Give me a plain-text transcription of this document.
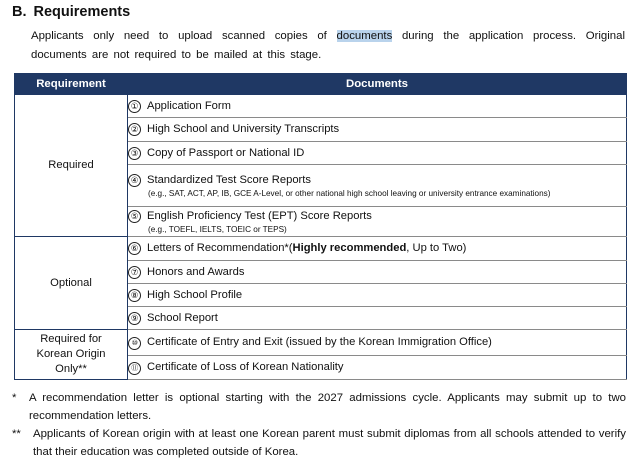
B. Requirements
Applicants only need to upload scanned copies of documents during the application process. Original documents are not required to be mailed at this stage.
Requirement	Documents
Required	① Application Form
	② High School and University Transcripts
	③ Copy of Passport or National ID

	④ Standardized Test Score Reports
(e.g., SAT, ACT, AP, IB, GCE A-Level, or other national high school leaving or university entrance examinations)

	⑤ English Proficiency Test (EPT) Score Reports
(e.g., TOEFL, IELTS, TOEIC or TEPS)

Optional	⑥ Letters of Recommendation*(Highly recommended, Up to Two)
	⑦ Honors and Awards
	⑧ High School Profile
	⑨ School Report
Required for Korean Origin Only**	⑩ Certificate of Entry and Exit (issued by the Korean Immigration Office)
	⑪ Certificate of Loss of Korean Nationality
*	A recommendation letter is optional starting with the 2027 admissions cycle. Applicants may submit up to two recommendation letters.
**	Applicants of Korean origin with at least one Korean parent must submit diplomas from all schools attended to verify that their education was completed outside of Korea.
